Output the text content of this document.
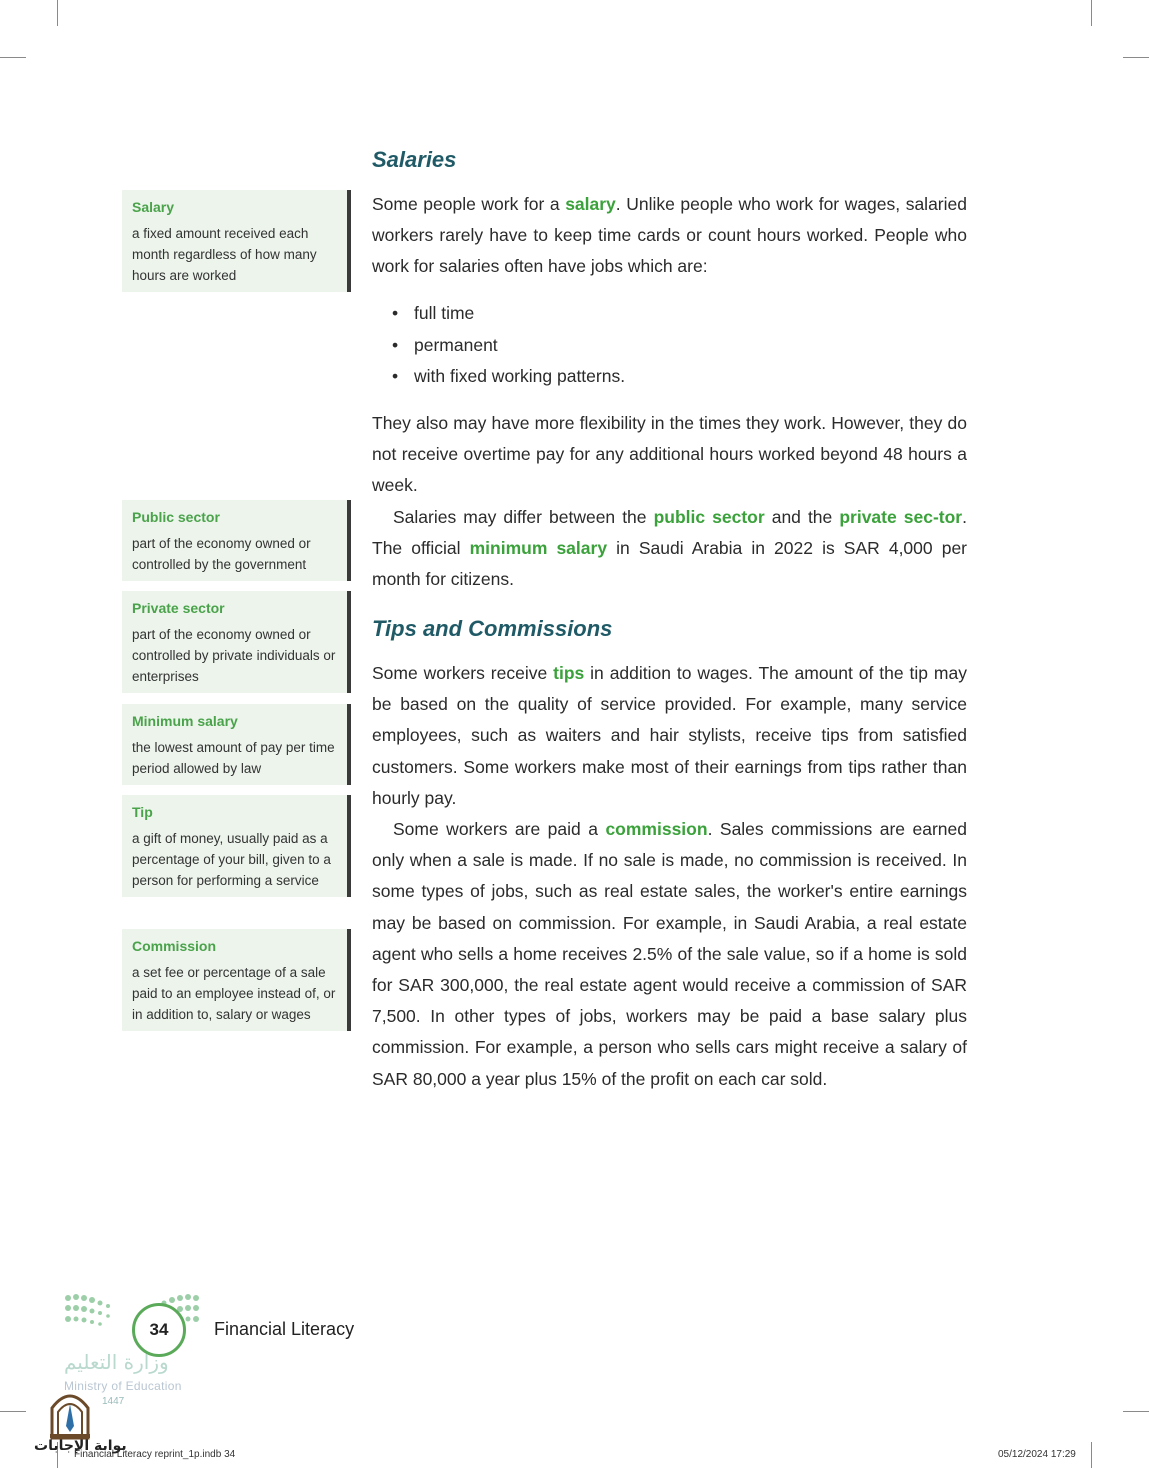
Salary
a fixed amount received each month regardless of how many hours are worked
Public sector
part of the economy owned or controlled by the government
Private sector
part of the economy owned or controlled by private individuals or enterprises
Minimum salary
the lowest amount of pay per time period allowed by law
Tip
a gift of money, usually paid as a percentage of your bill, given to a person for performing a service
Commission
a set fee or percentage of a sale paid to an employee instead of, or in addition to, salary or wages
Salaries

Some people work for a salary. Unlike people who work for wages, salaried workers rarely have to keep time cards or count hours worked. People who work for salaries often have jobs which are:

• full time
• permanent
• with fixed working patterns.

They also may have more flexibility in the times they work. However, they do not receive overtime pay for any additional hours worked beyond 48 hours a week.

Salaries may differ between the public sector and the private sec-tor. The official minimum salary in Saudi Arabia in 2022 is SAR 4,000 per month for citizens.

Tips and Commissions

Some workers receive tips in addition to wages. The amount of the tip may be based on the quality of service provided. For example, many service employees, such as waiters and hair stylists, receive tips from satisfied customers. Some workers make most of their earnings from tips rather than hourly pay.

Some workers are paid a commission. Sales commissions are earned only when a sale is made. If no sale is made, no commission is received. In some types of jobs, such as real estate sales, the worker's entire earnings may be based on commission. For example, in Saudi Arabia, a real estate agent who sells a home receives 2.5% of the sale value, so if a home is sold for SAR 300,000, the real estate agent would receive a commission of SAR 7,500. In other types of jobs, workers may be paid a base salary plus commission. For example, a person who sells cars might receive a salary of SAR 80,000 a year plus 15% of the profit on each car sold.

34	Financial Literacy
وزارة التعليم
Ministry of Education
1447
بوابة الإجابات
Financial Literacy reprint_1p.indb 34	05/12/2024 17:29
